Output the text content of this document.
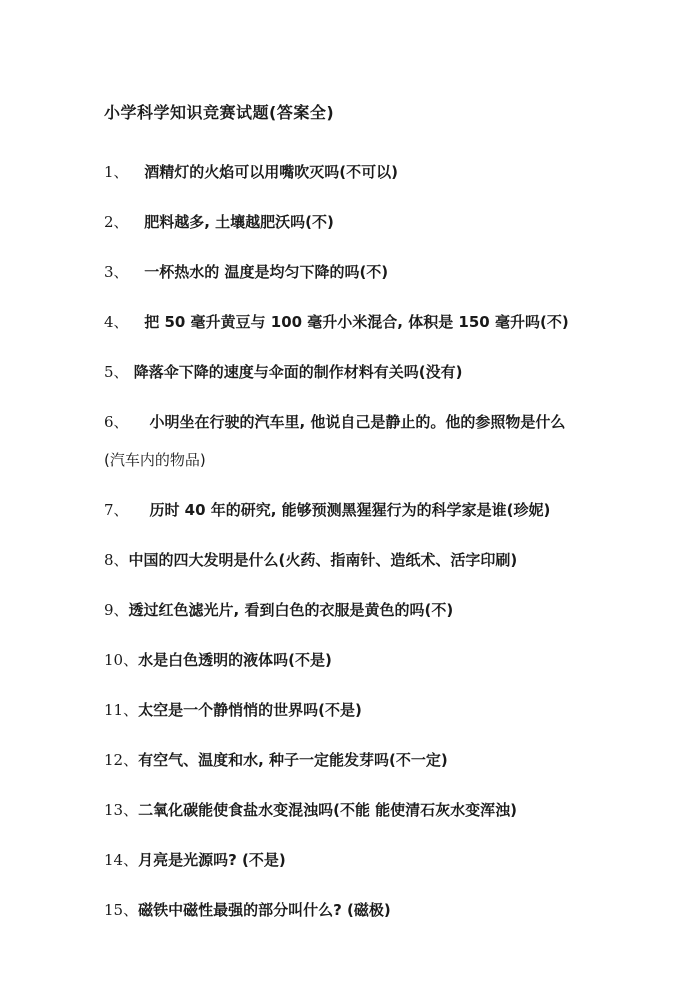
小学科学知识竞赛试题(答案全)
1、 酒精灯的火焰可以用嘴吹灭吗(不可以)
2、 肥料越多, 土壤越肥沃吗(不)
3、 一杯热水的 温度是均匀下降的吗(不)
4、 把 50 毫升黄豆与 100 毫升小米混合, 体积是 150 毫升吗(不)
5、 降落伞下降的速度与伞面的制作材料有关吗(没有)
6、 小明坐在行驶的汽车里, 他说自己是静止的。他的参照物是什么
(汽车内的物品)
7、 历时 40 年的研究, 能够预测黑猩猩行为的科学家是谁(珍妮)
8、中国的四大发明是什么(火药、指南针、造纸术、活字印刷)
9、透过红色滤光片, 看到白色的衣服是黄色的吗(不)
10、水是白色透明的液体吗(不是)
11、太空是一个静悄悄的世界吗(不是)
12、有空气、温度和水, 种子一定能发芽吗(不一定)
13、二氧化碳能使食盐水变混浊吗(不能 能使清石灰水变浑浊)
14、月亮是光源吗? (不是)
15、磁铁中磁性最强的部分叫什么? (磁极)
